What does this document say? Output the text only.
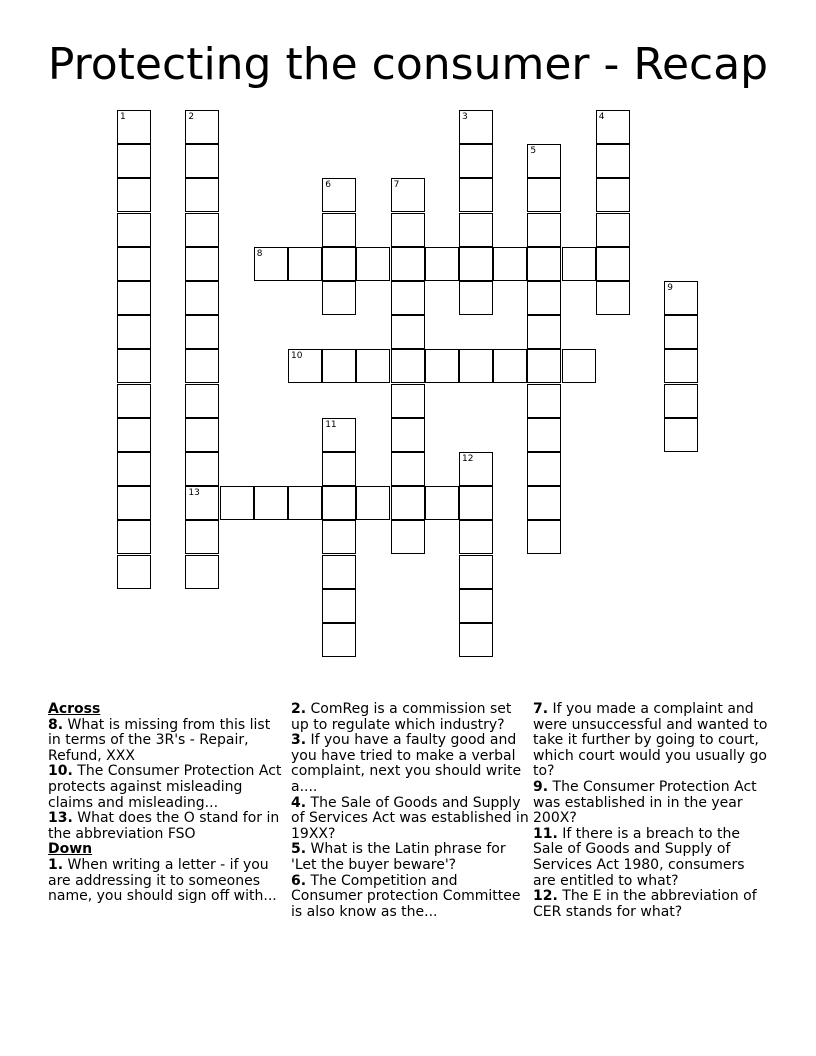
Protecting the consumer - Recap
1	2
13
3	4
5
6	7
8
9
10
11
12

Across

8. What is missing from this list in terms of the 3R's - Repair, Refund, XXX

10. The Consumer Protection Act protects against misleading claims and misleading...

13. What does the O stand for in the abbreviation FSO

Down

1. When writing a letter - if you are addressing it to someones name, you should sign off with...

2. ComReg is a commission set up to regulate which industry?

3. If you have a faulty good and you have tried to make a verbal complaint, next you should write a....

4. The Sale of Goods and Supply of Services Act was established in 19XX?

5. What is the Latin phrase for 'Let the buyer beware'?

6. The Competition and Consumer protection Committee is also know as the...

7. If you made a complaint and were unsuccessful and wanted to take it further by going to court, which court would you usually go to?

9. The Consumer Protection Act was established in in the year 200X?

11. If there is a breach to the Sale of Goods and Supply of Services Act 1980, consumers are entitled to what?

12. The E in the abbreviation of CER stands for what?
